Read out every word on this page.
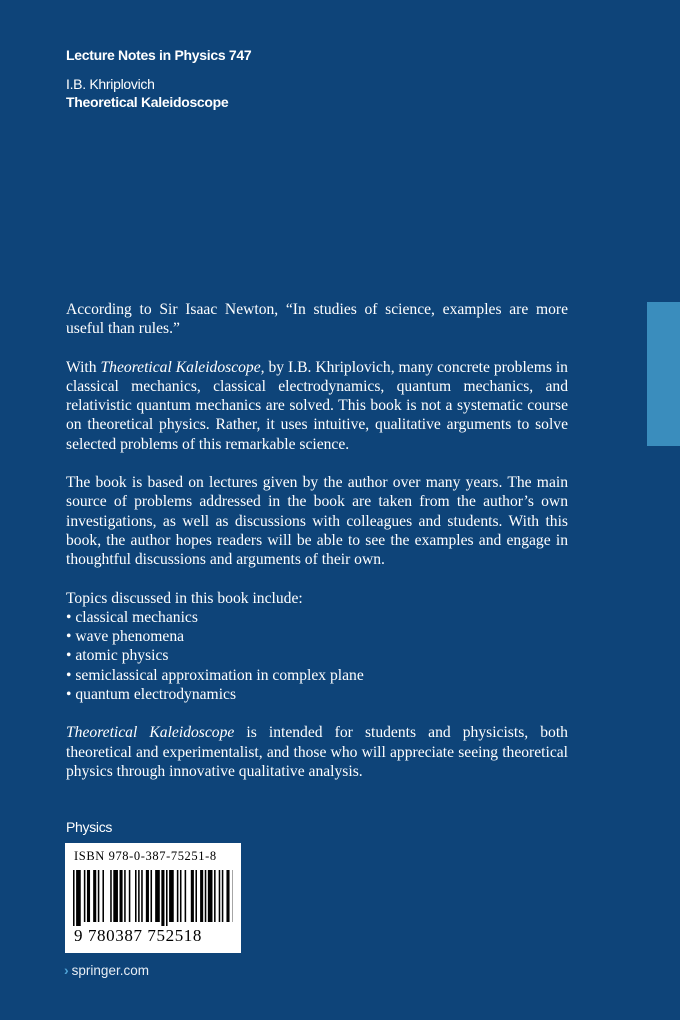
Lecture Notes in Physics 747
I.B. Khriplovich
Theoretical Kaleidoscope

According to Sir Isaac Newton, “In studies of science, examples are more useful than rules.”

With Theoretical Kaleidoscope, by I.B. Khriplovich, many concrete problems in classical mechanics, classical electrodynamics, quantum mechanics, and relativistic quantum mechanics are solved. This book is not a systematic course on theoretical physics. Rather, it uses intuitive, qualitative arguments to solve selected problems of this remarkable science.

The book is based on lectures given by the author over many years. The main source of problems addressed in the book are taken from the author’s own investigations, as well as discussions with colleagues and students. With this book, the author hopes readers will be able to see the examples and engage in thoughtful discussions and arguments of their own.

Topics discussed in this book include:

• classical mechanics
• wave phenomena
• atomic physics
• semiclassical approximation in complex plane
• quantum electrodynamics

Theoretical Kaleidoscope is intended for students and physicists, both theoretical and experimentalist, and those who will appreciate seeing theoretical physics through innovative qualitative analysis.

Physics
ISBN 978-0-387-75251-8
9 780387 752518
› springer.com
